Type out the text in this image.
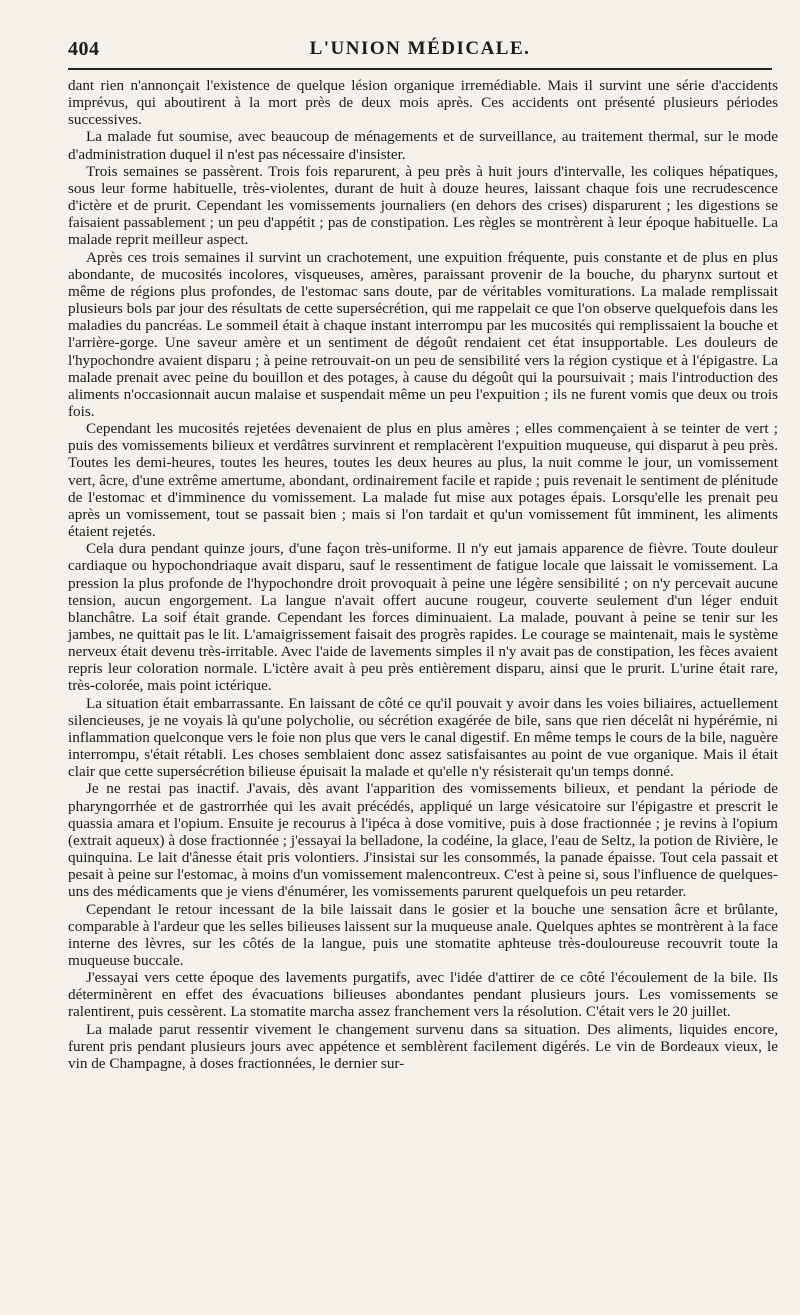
404	L'UNION MÉDICALE.

dant rien n'annonçait l'existence de quelque lésion organique irremédiable. Mais il survint une série d'accidents imprévus, qui aboutirent à la mort près de deux mois après. Ces accidents ont présenté plusieurs périodes successives.

La malade fut soumise, avec beaucoup de ménagements et de surveillance, au traitement thermal, sur le mode d'administration duquel il n'est pas nécessaire d'insister.

Trois semaines se passèrent. Trois fois reparurent, à peu près à huit jours d'intervalle, les coliques hépatiques, sous leur forme habituelle, très-violentes, durant de huit à douze heures, laissant chaque fois une recrudescence d'ictère et de prurit. Cependant les vomissements journaliers (en dehors des crises) disparurent ; les digestions se faisaient passablement ; un peu d'appétit ; pas de constipation. Les règles se montrèrent à leur époque habituelle. La malade reprit meilleur aspect.

Après ces trois semaines il survint un crachotement, une expuition fréquente, puis constante et de plus en plus abondante, de mucosités incolores, visqueuses, amères, paraissant provenir de la bouche, du pharynx surtout et même de régions plus profondes, de l'estomac sans doute, par de véritables vomiturations. La malade remplissait plusieurs bols par jour des résultats de cette supersécrétion, qui me rappelait ce que l'on observe quelquefois dans les maladies du pancréas. Le sommeil était à chaque instant interrompu par les mucosités qui remplissaient la bouche et l'arrière-gorge. Une saveur amère et un sentiment de dégoût rendaient cet état insupportable. Les douleurs de l'hypochondre avaient disparu ; à peine retrouvait-on un peu de sensibilité vers la région cystique et à l'épigastre. La malade prenait avec peine du bouillon et des potages, à cause du dégoût qui la poursuivait ; mais l'introduction des aliments n'occasionnait aucun malaise et suspendait même un peu l'expuition ; ils ne furent vomis que deux ou trois fois.

Cependant les mucosités rejetées devenaient de plus en plus amères ; elles commençaient à se teinter de vert ; puis des vomissements bilieux et verdâtres survinrent et remplacèrent l'expuition muqueuse, qui disparut à peu près. Toutes les demi-heures, toutes les heures, toutes les deux heures au plus, la nuit comme le jour, un vomissement vert, âcre, d'une extrême amertume, abondant, ordinairement facile et rapide ; puis revenait le sentiment de plénitude de l'estomac et d'imminence du vomissement. La malade fut mise aux potages épais. Lorsqu'elle les prenait peu après un vomissement, tout se passait bien ; mais si l'on tardait et qu'un vomissement fût imminent, les aliments étaient rejetés.

Cela dura pendant quinze jours, d'une façon très-uniforme. Il n'y eut jamais apparence de fièvre. Toute douleur cardiaque ou hypochondriaque avait disparu, sauf le ressentiment de fatigue locale que laissait le vomissement. La pression la plus profonde de l'hypochondre droit provoquait à peine une légère sensibilité ; on n'y percevait aucune tension, aucun engorgement. La langue n'avait offert aucune rougeur, couverte seulement d'un léger enduit blanchâtre. La soif était grande. Cependant les forces diminuaient. La malade, pouvant à peine se tenir sur les jambes, ne quittait pas le lit. L'amaigrissement faisait des progrès rapides. Le courage se maintenait, mais le système nerveux était devenu très-irritable. Avec l'aide de lavements simples il n'y avait pas de constipation, les fèces avaient repris leur coloration normale. L'ictère avait à peu près entièrement disparu, ainsi que le prurit. L'urine était rare, très-colorée, mais point ictérique.

La situation était embarrassante. En laissant de côté ce qu'il pouvait y avoir dans les voies biliaires, actuellement silencieuses, je ne voyais là qu'une polycholie, ou sécrétion exagérée de bile, sans que rien décelât ni hypérémie, ni inflammation quelconque vers le foie non plus que vers le canal digestif. En même temps le cours de la bile, naguère interrompu, s'était rétabli. Les choses semblaient donc assez satisfaisantes au point de vue organique. Mais il était clair que cette supersécrétion bilieuse épuisait la malade et qu'elle n'y résisterait qu'un temps donné.

Je ne restai pas inactif. J'avais, dès avant l'apparition des vomissements bilieux, et pendant la période de pharyngorrhée et de gastrorrhée qui les avait précédés, appliqué un large vésicatoire sur l'épigastre et prescrit le quassia amara et l'opium. Ensuite je recourus à l'ipéca à dose vomitive, puis à dose fractionnée ; je revins à l'opium (extrait aqueux) à dose fractionnée ; j'essayai la belladone, la codéine, la glace, l'eau de Seltz, la potion de Rivière, le quinquina. Le lait d'ânesse était pris volontiers. J'insistai sur les consommés, la panade épaisse. Tout cela passait et pesait à peine sur l'estomac, à moins d'un vomissement malencontreux. C'est à peine si, sous l'influence de quelques-uns des médicaments que je viens d'énumérer, les vomissements parurent quelquefois un peu retarder.

Cependant le retour incessant de la bile laissait dans le gosier et la bouche une sensation âcre et brûlante, comparable à l'ardeur que les selles bilieuses laissent sur la muqueuse anale. Quelques aphtes se montrèrent à la face interne des lèvres, sur les côtés de la langue, puis une stomatite aphteuse très-douloureuse recouvrit toute la muqueuse buccale.

J'essayai vers cette époque des lavements purgatifs, avec l'idée d'attirer de ce côté l'écoulement de la bile. Ils déterminèrent en effet des évacuations bilieuses abondantes pendant plusieurs jours. Les vomissements se ralentirent, puis cessèrent. La stomatite marcha assez franchement vers la résolution. C'était vers le 20 juillet.

La malade parut ressentir vivement le changement survenu dans sa situation. Des aliments, liquides encore, furent pris pendant plusieurs jours avec appétence et semblèrent facilement digérés. Le vin de Bordeaux vieux, le vin de Champagne, à doses fractionnées, le dernier sur-
